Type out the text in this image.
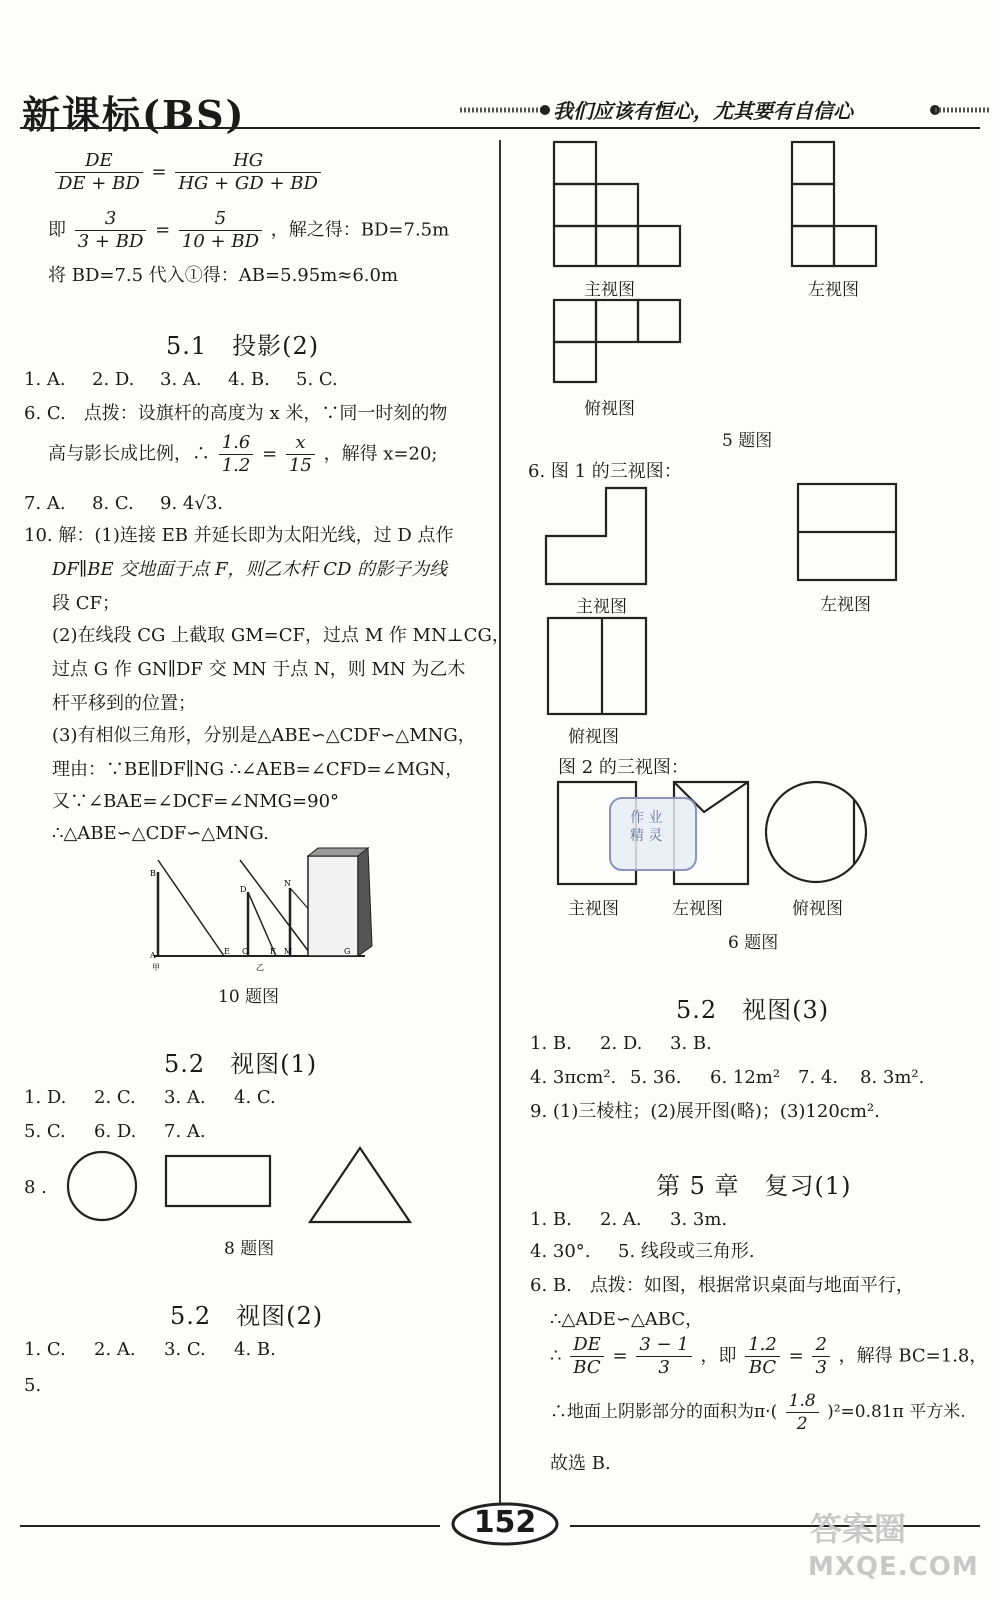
新课标(BS)	我们应该有恒心，尤其要有自信心
$\frac{DE}{DE + BD} = \frac{HG}{HG + GD + BD}$
即 $\frac{3}{3 + BD} = \frac{5}{10 + BD}$ ，解之得：BD=7.5m
将 BD=7.5 代入①得：AB=5.95m≈6.0m
5.1　投影(2)
1. A. 2. D. 3. A. 4. B. 5. C.
6. C.　点拨：设旗杆的高度为 x 米，∵同一时刻的物
高与影长成比例，∴ $\frac{1.6}{1.2} = \frac{x}{15}$ ，解得 x=20;
7. A. 8. C. 9. 4√3.
10. 解：(1)连接 EB 并延长即为太阳光线，过 D 点作
DF∥BE 交地面于点 F，则乙木杆 CD 的影子为线
段 CF；
(2)在线段 CG 上截取 GM=CF，过点 M 作 MN⊥CG，
过点 G 作 GN∥DF 交 MN 于点 N，则 MN 为乙木
杆平移到的位置；
(3)有相似三角形，分别是△ABE∽△CDF∽△MNG，
理由：∵BE∥DF∥NG ∴∠AEB=∠CFD=∠MGN，
又∵∠BAE=∠DCF=∠NMG=90°
∴△ABE∽△CDF∽△MNG.
B
A
甲
E
D
C
乙
F
N
M	G
10 题图
5.2　视图(1)
1. D. 2. C. 3. A. 4. C.
5. C. 6. D. 7. A.
8 .
8 题图
5.2　视图(2)
1. C. 2. A. 3. C. 4. B.
5.
主视图	左视图
俯视图
5 题图
6. 图 1 的三视图：
主视图	左视图
俯视图
图 2 的三视图：
作 业
精 灵
主视图	左视图	俯视图
6 题图
5.2　视图(3)
1. B. 2. D. 3. B.
4. 3πcm². 5. 36. 6. 12m² 7. 4. 8. 3m².
9. (1)三棱柱；(2)展开图(略)；(3)120cm².
第 5 章　复习(1)
1. B. 2. A. 3. 3m.
4. 30°. 5. 线段或三角形.
6. B.　点拨：如图，根据常识桌面与地面平行，
∴△ADE∽△ABC，
∴ $\frac{DE}{BC} = \frac{3 - 1}{3}$ ，即 $\frac{1.2}{BC} = \frac{2}{3}$ ，解得 BC=1.8，
∴地面上阴影部分的面积为$\pi\cdot( \frac{1.8}{2} )^2=0.81\pi$ 平方米.
故选 B.
152	答案圈
MXQE.COM
